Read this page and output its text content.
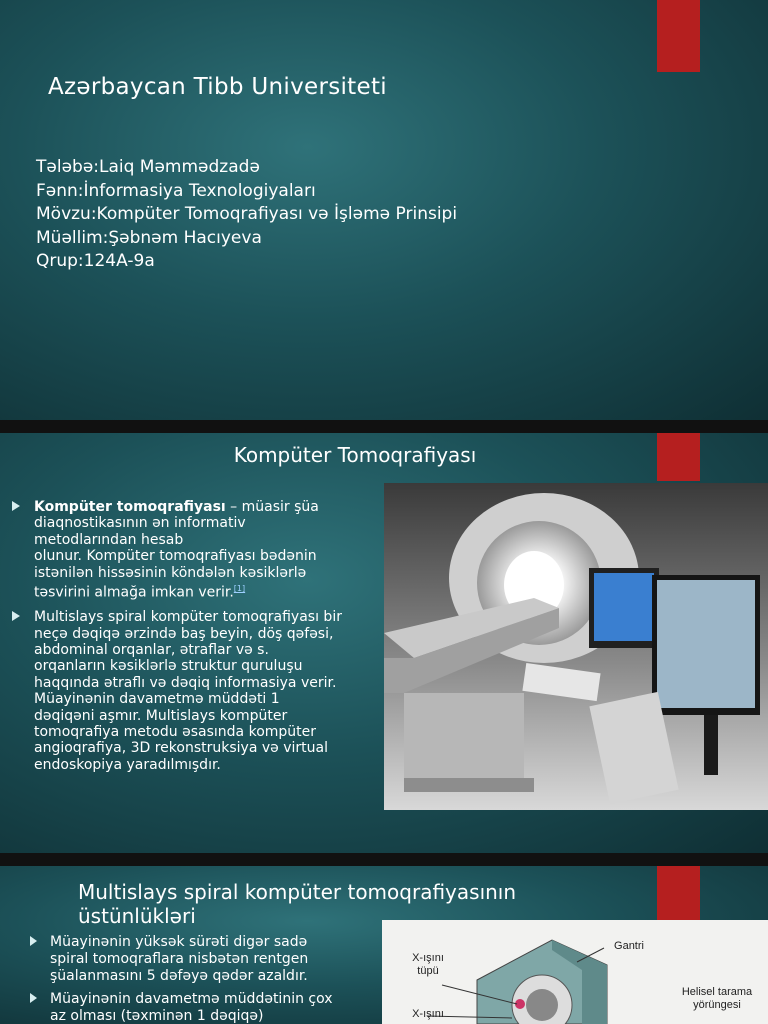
Azərbaycan Tibb Universiteti
Tələbə:Laiq Məmmədzadə
Fənn:İnformasiya Texnologiyaları
Mövzu:Kompüter Tomoqrafiyası və İşləmə Prinsipi
Müəllim:Şəbnəm Hacıyeva
Qrup:124A-9a
Kompüter Tomoqrafiyası
Kompüter tomoqrafiyası – müasir şüa
diaqnostikasının ən informativ
metodlarından hesab
olunur. Kompüter tomoqrafiyası bədənin
istənilən hissəsinin köndələn kəsiklərlə
təsvirini almağa imkan verir.[1]
Multislays spiral kompüter tomoqrafiyası bir
neçə dəqiqə ərzində baş beyin, döş qəfəsi,
abdominal orqanlar, ətraflar və s.
orqanların kəsiklərlə struktur quruluşu
haqqında ətraflı və dəqiq informasiya verir.
Müayinənin davametmə müddəti 1
dəqiqəni aşmır. Multislays kompüter
tomoqrafiya metodu əsasında kompüter
angioqrafiya, 3D rekonstruksiya və virtual
endoskopiya yaradılmışdır.
Multislays spiral kompüter tomoqrafiyasının
üstünlükləri
Müayinənin yüksək sürəti digər sadə
spiral tomoqraflara nisbətən rentgen
şüalanmasını 5 dəfəyə qədər azaldır.
Müayinənin davametmə müddətinin çox
az olması (təxminən 1 dəqiqə)
X-ışını
tüpü
Gantri
Helisel tarama
yörüngesi
X-ışını
